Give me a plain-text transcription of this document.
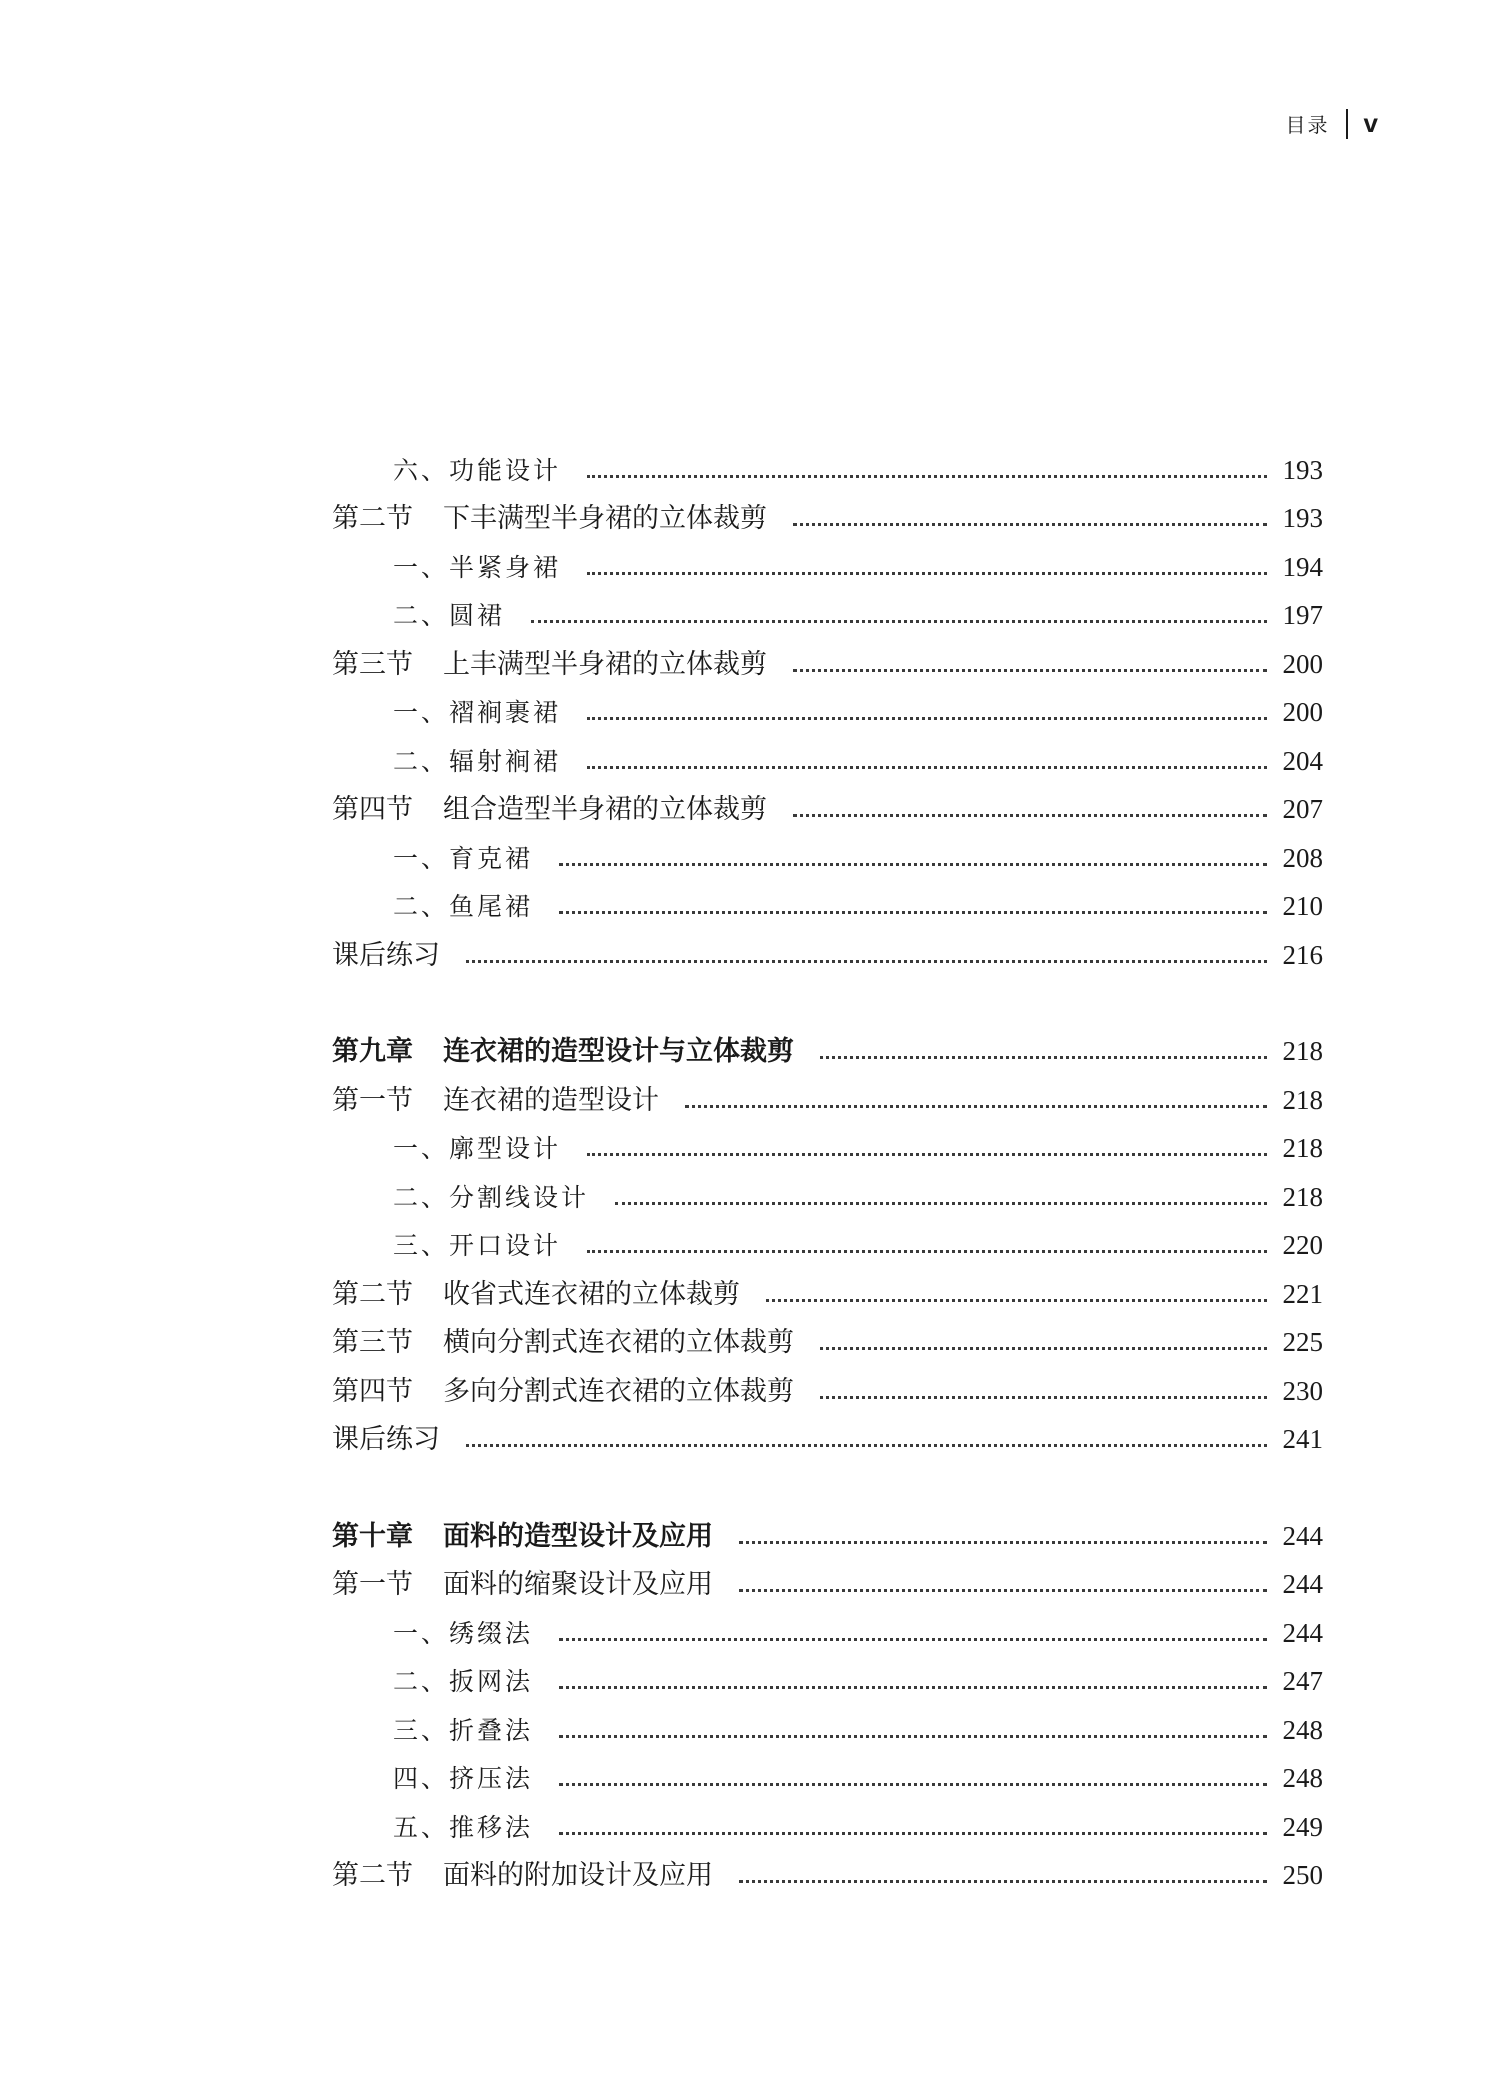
目录 v
六、功能设计	193
第二节 下丰满型半身裙的立体裁剪	193
一、半紧身裙	194
二、圆裙	197
第三节 上丰满型半身裙的立体裁剪	200
一、褶裥裹裙	200
二、辐射裥裙	204
第四节 组合造型半身裙的立体裁剪	207
一、育克裙	208
二、鱼尾裙	210
课后练习	216
第九章 连衣裙的造型设计与立体裁剪	218
第一节 连衣裙的造型设计	218
一、廓型设计	218
二、分割线设计	218
三、开口设计	220
第二节 收省式连衣裙的立体裁剪	221
第三节 横向分割式连衣裙的立体裁剪	225
第四节 多向分割式连衣裙的立体裁剪	230
课后练习	241
第十章 面料的造型设计及应用	244
第一节 面料的缩聚设计及应用	244
一、绣缀法	244
二、扳网法	247
三、折叠法	248
四、挤压法	248
五、推移法	249
第二节 面料的附加设计及应用	250
